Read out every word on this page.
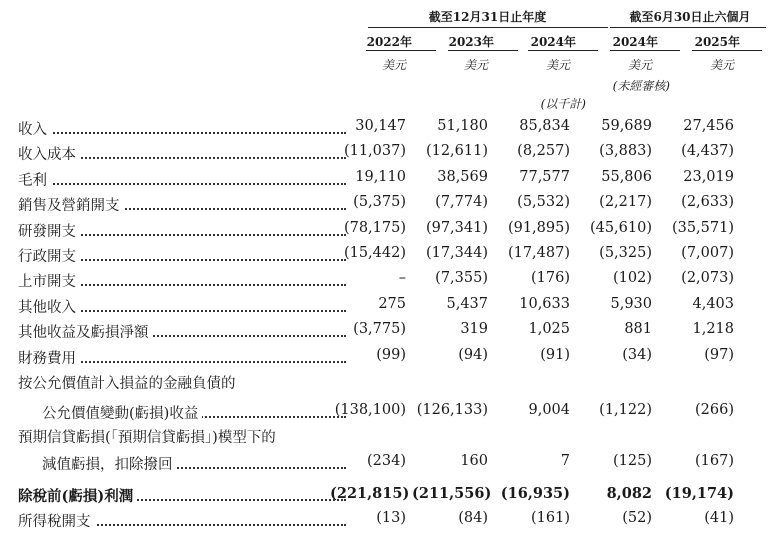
截至12月31日止年度	截至6月30日止六個月
2022年	2023年	2024年	2024年	2025年
美元	美元	美元	美元	美元
(未經審核)
(以千計)
收入	30,147	51,180	85,834	59,689	27,456
收入成本	(11,037)	(12,611)	(8,257)	(3,883)	(4,437)
毛利	19,110	38,569	77,577	55,806	23,019
銷售及營銷開支	(5,375)	(7,774)	(5,532)	(2,217)	(2,633)
研發開支	(78,175)	(97,341)	(91,895)	(45,610)	(35,571)
行政開支	(15,442)	(17,344)	(17,487)	(5,325)	(7,007)
上市開支	–	(7,355)	(176)	(102)	(2,073)
其他收入	275	5,437	10,633	5,930	4,403
其他收益及虧損淨額	(3,775)	319	1,025	881	1,218
財務費用	(99)	(94)	(91)	(34)	(97)
按公允價值計入損益的金融負債的
公允價值變動(虧損)收益	(138,100) (126,133)	9,004	(1,122)	(266)
預期信貸虧損(「預期信貸虧損」)模型下的
減值虧損，扣除撥回	(234)	160	7	(125)	(167)
除稅前(虧損)利潤	(221,815) (211,556) (16,935)	8,082 (19,174)
所得稅開支	(13)	(84)	(161)	(52)	(41)
